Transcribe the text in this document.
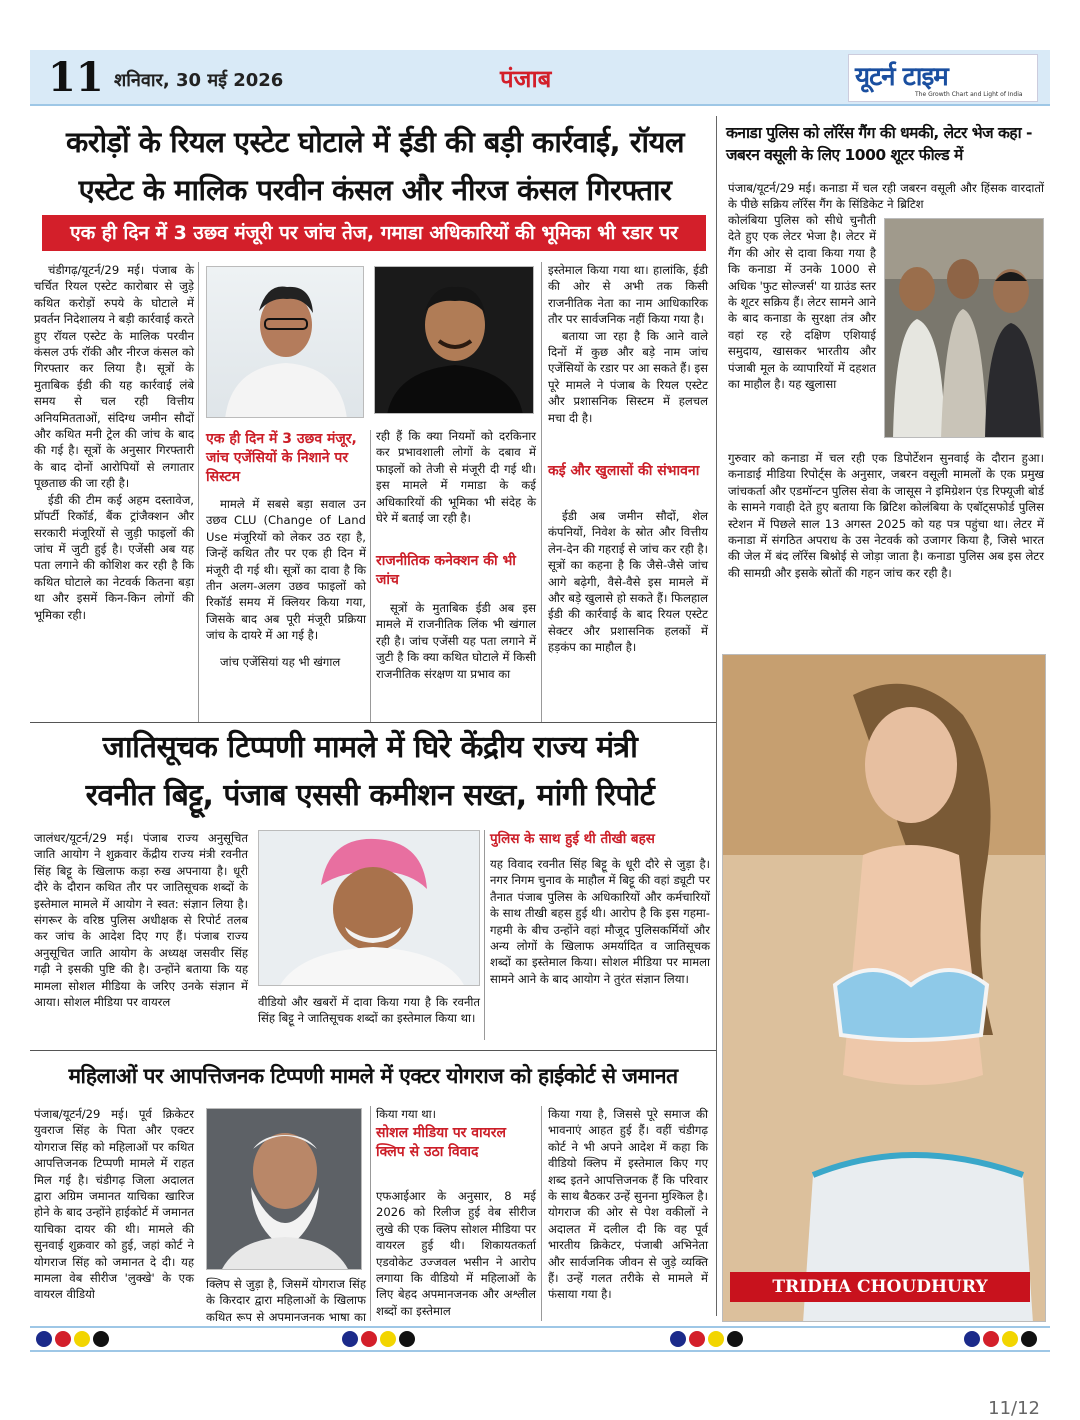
11 शनिवार, 30 मई 2026	पंजाब	यूटर्न टाइम
The Growth Chart and Light of India
करोड़ों के रियल एस्टेट घोटाले में ईडी की बड़ी कार्रवाई, रॉयल
एस्टेट के मालिक परवीन कंसल और नीरज कंसल गिरफ्तार
एक ही दिन में 3 उछव मंजूरी पर जांच तेज, गमाडा अधिकारियों की भूमिका भी रडार पर

चंडीगढ़/यूटर्न/29 मई। पंजाब के चर्चित रियल एस्टेट कारोबार से जुड़े कथित करोड़ों रुपये के घोटाले में प्रवर्तन निदेशालय ने बड़ी कार्रवाई करते हुए रॉयल एस्टेट के मालिक परवीन कंसल उर्फ रॉकी और नीरज कंसल को गिरफ्तार कर लिया है। सूत्रों के मुताबिक ईडी की यह कार्रवाई लंबे समय से चल रही वित्तीय अनियमितताओं, संदिग्ध जमीन सौदों और कथित मनी ट्रेल की जांच के बाद की गई है। सूत्रों के अनुसार गिरफ्तारी के बाद दोनों आरोपियों से लगातार पूछताछ की जा रही है।

ईडी की टीम कई अहम दस्तावेज, प्रॉपर्टी रिकॉर्ड, बैंक ट्रांजैक्शन और सरकारी मंजूरियों से जुड़ी फाइलों की जांच में जुटी हुई है। एजेंसी अब यह पता लगाने की कोशिश कर रही है कि कथित घोटाले का नेटवर्क कितना बड़ा था और इसमें किन-किन लोगों की भूमिका रही।

एक ही दिन में 3 उछव मंजूर, जांच एजेंसियों के निशाने पर सिस्टम

मामले में सबसे बड़ा सवाल उन उछव CLU (Change of Land Use मंजूरियों को लेकर उठ रहा है, जिन्हें कथित तौर पर एक ही दिन में मंजूरी दी गई थी। सूत्रों का दावा है कि तीन अलग-अलग उछव फाइलों को रिकॉर्ड समय में क्लियर किया गया, जिसके बाद अब पूरी मंजूरी प्रक्रिया जांच के दायरे में आ गई है।

जांच एजेंसियां यह भी खंगाल

रही हैं कि क्या नियमों को दरकिनार कर प्रभावशाली लोगों के दबाव में फाइलों को तेजी से मंजूरी दी गई थी। इस मामले में गमाडा के कई अधिकारियों की भूमिका भी संदेह के घेरे में बताई जा रही है।

राजनीतिक कनेक्शन की भी जांच

सूत्रों के मुताबिक ईडी अब इस मामले में राजनीतिक लिंक भी खंगाल रही है। जांच एजेंसी यह पता लगाने में जुटी है कि क्या कथित घोटाले में किसी राजनीतिक संरक्षण या प्रभाव का

इस्तेमाल किया गया था। हालांकि, ईडी की ओर से अभी तक किसी राजनीतिक नेता का नाम आधिकारिक तौर पर सार्वजनिक नहीं किया गया है।

बताया जा रहा है कि आने वाले दिनों में कुछ और बड़े नाम जांच एजेंसियों के रडार पर आ सकते हैं। इस पूरे मामले ने पंजाब के रियल एस्टेट और प्रशासनिक सिस्टम में हलचल मचा दी है।

कई और खुलासों की संभावना

ईडी अब जमीन सौदों, शेल कंपनियों, निवेश के स्रोत और वित्तीय लेन-देन की गहराई से जांच कर रही है। सूत्रों का कहना है कि जैसे-जैसे जांच आगे बढ़ेगी, वैसे-वैसे इस मामले में और बड़े खुलासे हो सकते हैं। फिलहाल ईडी की कार्रवाई के बाद रियल एस्टेट सेक्टर और प्रशासनिक हलकों में हड़कंप का माहौल है।

कनाडा पुलिस को लॉरेंस गैंग की धमकी, लेटर भेज कहा - जबरन वसूली के लिए 1000 शूटर फील्ड में

पंजाब/यूटर्न/29 मई। कनाडा में चल रही जबरन वसूली और हिंसक वारदातों के पीछे सक्रिय लॉरेंस गैंग के सिंडिकेट ने ब्रिटिश

कोलंबिया पुलिस को सीधे चुनौती देते हुए एक लेटर भेजा है। लेटर में गैंग की ओर से दावा किया गया है कि कनाडा में उनके 1000 से अधिक 'फुट सोल्जर्स' या ग्राउंड स्तर के शूटर सक्रिय हैं। लेटर सामने आने के बाद कनाडा के सुरक्षा तंत्र और वहां रह रहे दक्षिण एशियाई समुदाय, खासकर भारतीय और पंजाबी मूल के व्यापारियों में दहशत का माहौल है। यह खुलासा

गुरुवार को कनाडा में चल रही एक डिपोर्टेशन सुनवाई के दौरान हुआ। कनाडाई मीडिया रिपोर्ट्स के अनुसार, जबरन वसूली मामलों के एक प्रमुख जांचकर्ता और एडमॉन्टन पुलिस सेवा के जासूस ने इमिग्रेशन एंड रिफ्यूजी बोर्ड के सामने गवाही देते हुए बताया कि ब्रिटिश कोलंबिया के एबॉट्सफोर्ड पुलिस स्टेशन में पिछले साल 13 अगस्त 2025 को यह पत्र पहुंचा था। लेटर में कनाडा में संगठित अपराध के उस नेटवर्क को उजागर किया है, जिसे भारत की जेल में बंद लॉरेंस बिश्नोई से जोड़ा जाता है। कनाडा पुलिस अब इस लेटर की सामग्री और इसके स्रोतों की गहन जांच कर रही है।

TRIDHA CHOUDHURY
जातिसूचक टिप्पणी मामले में घिरे केंद्रीय राज्य मंत्री
रवनीत बिट्टू, पंजाब एससी कमीशन सख्त, मांगी रिपोर्ट

जालंधर/यूटर्न/29 मई। पंजाब राज्य अनुसूचित जाति आयोग ने शुक्रवार केंद्रीय राज्य मंत्री रवनीत सिंह बिट्टू के खिलाफ कड़ा रुख अपनाया है। धूरी दौरे के दौरान कथित तौर पर जातिसूचक शब्दों के इस्तेमाल मामले में आयोग ने स्वत: संज्ञान लिया है। संगरूर के वरिष्ठ पुलिस अधीक्षक से रिपोर्ट तलब कर जांच के आदेश दिए गए हैं। पंजाब राज्य अनुसूचित जाति आयोग के अध्यक्ष जसवीर सिंह गढ़ी ने इसकी पुष्टि की है। उन्होंने बताया कि यह मामला सोशल मीडिया के जरिए उनके संज्ञान में आया। सोशल मीडिया पर वायरल	वीडियो और खबरों में दावा किया गया है कि रवनीत सिंह बिट्टू ने जातिसूचक शब्दों का इस्तेमाल किया था।

पुलिस के साथ हुई थी तीखी बहस

यह विवाद रवनीत सिंह बिट्टू के धूरी दौरे से जुड़ा है। नगर निगम चुनाव के माहौल में बिट्टू की वहां ड्यूटी पर तैनात पंजाब पुलिस के अधिकारियों और कर्मचारियों के साथ तीखी बहस हुई थी। आरोप है कि इस गहमा-गहमी के बीच उन्होंने वहां मौजूद पुलिसकर्मियों और अन्य लोगों के खिलाफ अमर्यादित व जातिसूचक शब्दों का इस्तेमाल किया। सोशल मीडिया पर मामला सामने आने के बाद आयोग ने तुरंत संज्ञान लिया।

महिलाओं पर आपत्तिजनक टिप्पणी मामले में एक्टर योगराज को हाईकोर्ट से जमानत

पंजाब/यूटर्न/29 मई। पूर्व क्रिकेटर युवराज सिंह के पिता और एक्टर योगराज सिंह को महिलाओं पर कथित आपत्तिजनक टिप्पणी मामले में राहत मिल गई है। चंडीगढ़ जिला अदालत द्वारा अग्रिम जमानत याचिका खारिज होने के बाद उन्होंने हाईकोर्ट में जमानत याचिका दायर की थी। मामले की सुनवाई शुक्रवार को हुई, जहां कोर्ट ने योगराज सिंह को जमानत दे दी। यह मामला वेब सीरीज 'लुक्खे' के एक वायरल वीडियो

क्लिप से जुड़ा है, जिसमें योगराज सिंह के किरदार द्वारा महिलाओं के खिलाफ कथित रूप से अपमानजनक भाषा का

किया गया था।

सोशल मीडिया पर वायरल क्लिप से उठा विवाद

एफआईआर के अनुसार, 8 मई 2026 को रिलीज हुई वेब सीरीज लुखे की एक क्लिप सोशल मीडिया पर वायरल हुई थी। शिकायतकर्ता एडवोकेट उज्जवल भसीन ने आरोप लगाया कि वीडियो में महिलाओं के लिए बेहद अपमानजनक और अश्लील शब्दों का इस्तेमाल

किया गया है, जिससे पूरे समाज की भावनाएं आहत हुई हैं। वहीं चंडीगढ़ कोर्ट ने भी अपने आदेश में कहा कि वीडियो क्लिप में इस्तेमाल किए गए शब्द इतने आपत्तिजनक हैं कि परिवार के साथ बैठकर उन्हें सुनना मुश्किल है। योगराज की ओर से पेश वकीलों ने अदालत में दलील दी कि वह पूर्व भारतीय क्रिकेटर, पंजाबी अभिनेता और सार्वजनिक जीवन से जुड़े व्यक्ति हैं। उन्हें गलत तरीके से मामले में फंसाया गया है।

11/12
